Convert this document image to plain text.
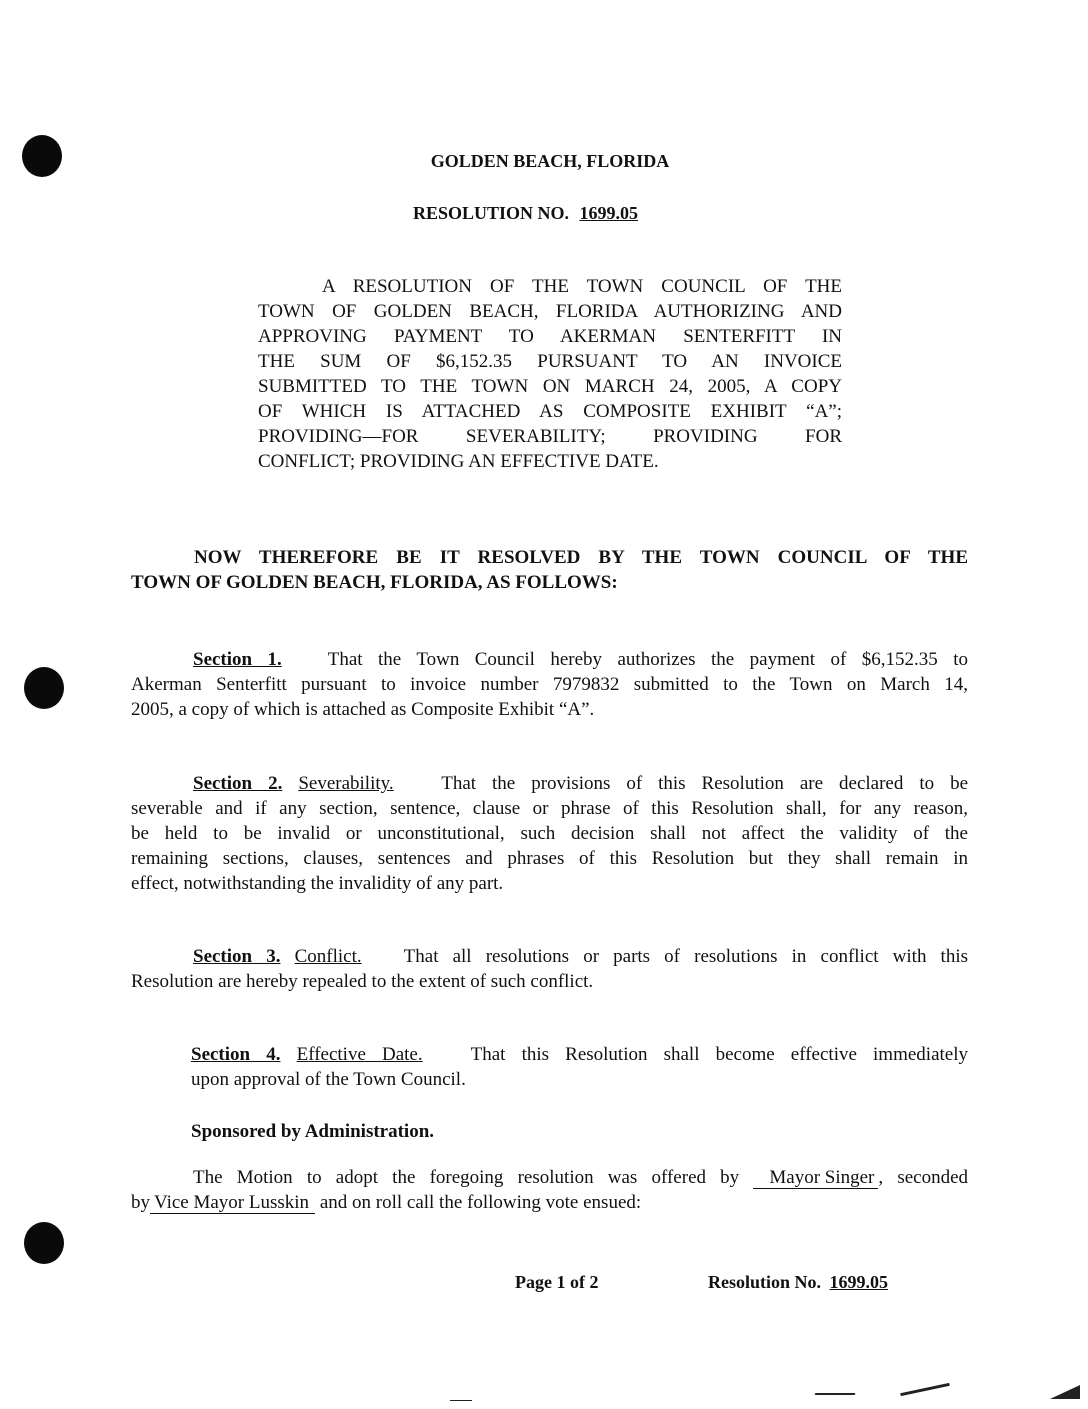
GOLDEN BEACH, FLORIDA
RESOLUTION NO. 1699.05
A RESOLUTION OF THE TOWN COUNCIL OF THE
TOWN OF GOLDEN BEACH, FLORIDA AUTHORIZING AND
APPROVING PAYMENT TO AKERMAN SENTERFITT IN
THE SUM OF $6,152.35 PURSUANT TO AN INVOICE
SUBMITTED TO THE TOWN ON MARCH 24, 2005, A COPY
OF WHICH IS ATTACHED AS COMPOSITE EXHIBIT “A”;
PROVIDING—FOR SEVERABILITY; PROVIDING FOR
CONFLICT; PROVIDING AN EFFECTIVE DATE.
NOW THEREFORE BE IT RESOLVED BY THE TOWN COUNCIL OF THE
TOWN OF GOLDEN BEACH, FLORIDA, AS FOLLOWS:
Section 1. That the Town Council hereby authorizes the payment of $6,152.35 to
Akerman Senterfitt pursuant to invoice number 7979832 submitted to the Town on March 14,
2005, a copy of which is attached as Composite Exhibit “A”.
Section 2. Severability.	That the provisions of this Resolution are declared to be
severable and if any section, sentence, clause or phrase of this Resolution shall, for any reason,
be held to be invalid or unconstitutional, such decision shall not affect the validity of the
remaining sections, clauses, sentences and phrases of this Resolution but they shall remain in
effect, notwithstanding the invalidity of any part.
Section 3. Conflict. That all resolutions or parts of resolutions in conflict with this
Resolution are hereby repealed to the extent of such conflict.
Section 4. Effective Date.	That this Resolution shall become effective immediately
upon approval of the Town Council.
Sponsored by Administration.
The Motion to adopt the foregoing resolution was offered by Mayor Singer , seconded
by Vice Mayor Lusskin and on roll call the following vote ensued:
Page 1 of 2	Resolution No. 1699.05
